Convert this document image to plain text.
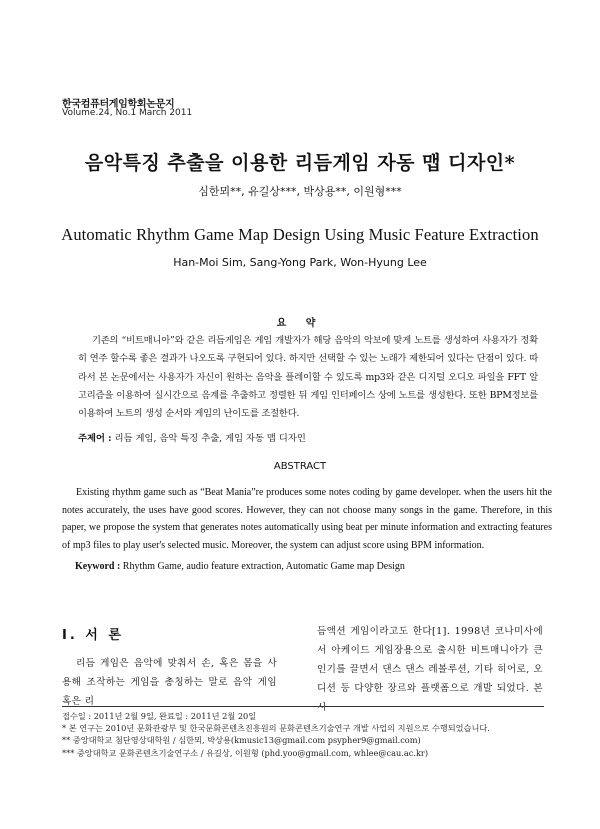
한국컴퓨터게임학회논문지
Volume.24, No.1 March 2011
음악특징 추출을 이용한 리듬게임 자동 맵 디자인*
심한뫼**, 유길상***, 박상용**, 이원형***
Automatic Rhythm Game Map Design Using Music Feature Extraction
Han-Moi Sim, Sang-Yong Park, Won-Hyung Lee
요 약
기존의 “비트매니아”와 같은 리듬게임은 게임 개발자가 해당 음악의 악보에 맞게 노트를 생성하여 사용자가 정확히 연주 할수록 좋은 결과가 나오도록 구현되어 있다. 하지만 선택할 수 있는 노래가 제한되어 있다는 단점이 있다. 따라서 본 논문에서는 사용자가 자신이 원하는 음악을 플레이할 수 있도록 mp3와 같은 디지털 오디오 파일을 FFT 알고리즘을 이용하여 실시간으로 음계를 추출하고 정렬한 뒤 게임 인터페이스 상에 노트를 생성한다. 또한 BPM정보를 이용하여 노트의 생성 순서와 게임의 난이도를 조절한다.
주제어 : 리듬 게임, 음악 특징 추출, 게임 자동 맵 디자인
ABSTRACT
Existing rhythm game such as “Beat Mania”re produces some notes coding by game developer. when the users hit the notes accurately, the uses have good scores. However, they can not choose many songs in the game. Therefore, in this paper, we propose the system that generates notes automatically using beat per minute information and extracting features of mp3 files to play user's selected music. Moreover, the system can adjust score using BPM information.
Keyword : Rhythm Game, audio feature extraction, Automatic Game map Design
Ⅰ. 서 론
리듬 게임은 음악에 맞춰서 손, 혹은 몸을 사용해 조작하는 게임을 총칭하는 말로 음악 게임 혹은 리
듬액션 게임이라고도 한다[1]. 1998년 코나미사에서 아케이드 게임장용으로 출시한 비트매니아가 큰 인기를 끌면서 댄스 댄스 레볼루션, 기타 히어로, 오디션 등 다양한 장르와 플랫폼으로 개발 되었다. 본 시
접수일 : 2011년 2월 9일, 완료일 : 2011년 2월 20일
* 본 연구는 2010년 문화관광부 및 한국문화콘텐츠진흥원의 문화콘텐츠기술연구 개발 사업의 지원으로 수행되었습니다.
** 중앙대학교 첨단영상대학원 / 심한뫼, 박상용(kmusic13@gmail.com psypher9@gmail.com)
*** 중앙대학교 문화콘텐츠기술연구소 / 유길상, 이원형 (phd.yoo@gmail.com, whlee@cau.ac.kr)
